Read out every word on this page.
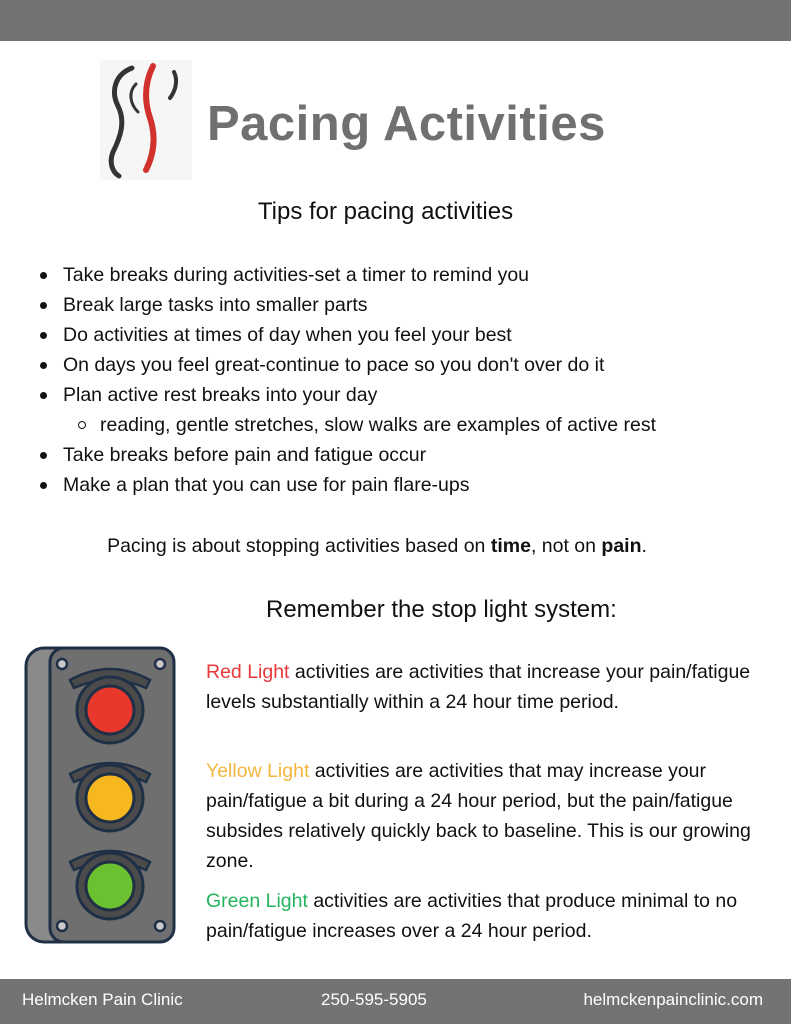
Pacing Activities
Tips for pacing activities
Take breaks during activities-set a timer to remind you
Break large tasks into smaller parts
Do activities at times of day when you feel your best
On days you feel great-continue to pace so you don't over do it
Plan active rest breaks into your day
reading, gentle stretches, slow walks are examples of active rest
Take breaks before pain and fatigue occur
Make a plan that you can use for pain flare-ups
Pacing is about stopping activities based on time, not on pain.
Remember the stop light system:
Red Light activities are activities that increase your pain/fatigue levels substantially within a 24 hour time period.
Yellow Light activities are activities that may increase your pain/fatigue a bit during a 24 hour period, but the pain/fatigue subsides relatively quickly back to baseline. This is our growing zone.
Green Light activities are activities that produce minimal to no pain/fatigue increases over a 24 hour period.
Helmcken Pain Clinic	250-595-5905	helmckenpainclinic.com
